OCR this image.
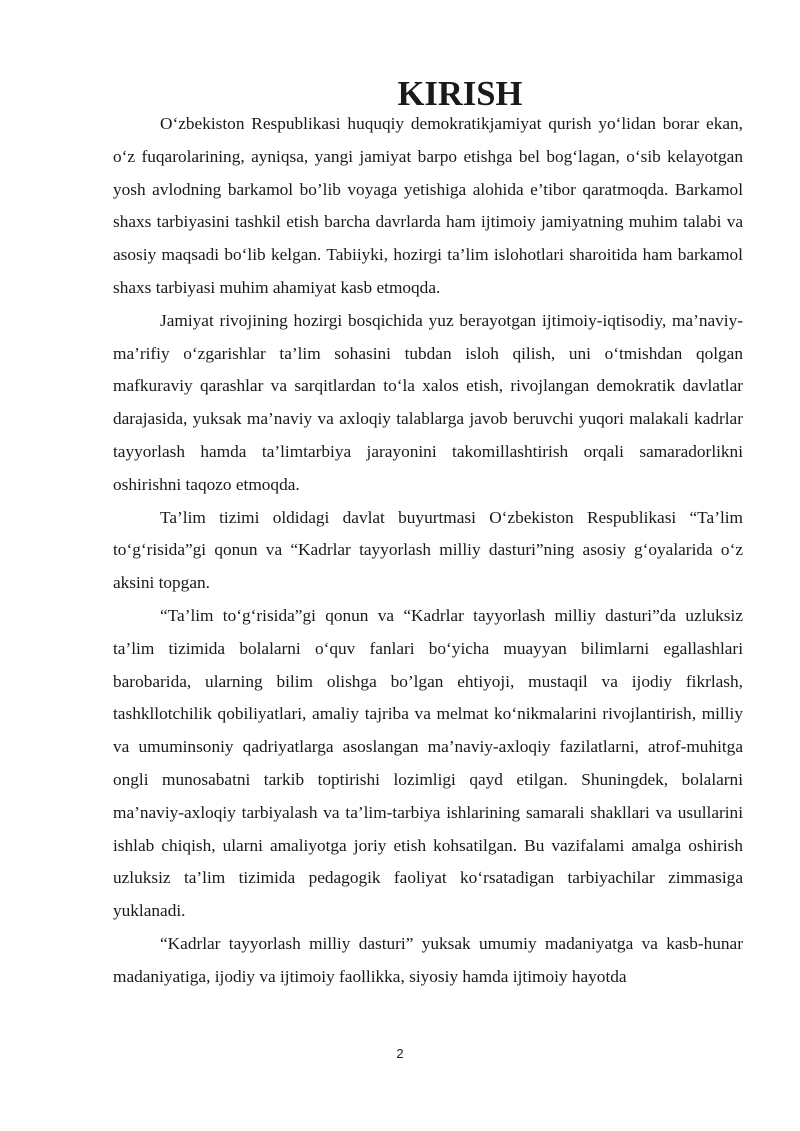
KIRISH

O‘zbekiston Respublikasi huquqiy demokratikjamiyat qurish yo‘lidan borar ekan, o‘z fuqarolarining, ayniqsa, yangi jamiyat barpo etishga bel bog‘lagan, o‘sib kelayotgan yosh avlodning barkamol bo’lib voyaga yetishiga alohida e’tibor qaratmoqda. Barkamol shaxs tarbiyasini tashkil etish barcha davrlarda ham ijtimoiy jamiyatning muhim talabi va asosiy maqsadi bo‘lib kelgan. Tabiiyki, hozirgi ta’lim islohotlari sharoitida ham barkamol shaxs tarbiyasi muhim ahamiyat kasb etmoqda.

Jamiyat rivojining hozirgi bosqichida yuz berayotgan ijtimoiy-iqtisodiy, ma’naviy-ma’rifiy o‘zgarishlar ta’lim sohasini tubdan isloh qilish, uni o‘tmishdan qolgan mafkuraviy qarashlar va sarqitlardan to‘la xalos etish, rivojlangan demokratik davlatlar darajasida, yuksak ma’naviy va axloqiy talablarga javob beruvchi yuqori malakali kadrlar tayyorlash hamda ta’limtarbiya jarayonini takomillashtirish orqali samaradorlikni oshirishni taqozo etmoqda.

Ta’lim tizimi oldidagi davlat buyurtmasi O‘zbekiston Respublikasi “Ta’lim to‘g‘risida”gi qonun va “Kadrlar tayyorlash milliy dasturi”ning asosiy g‘oyalarida o‘z aksini topgan.

“Ta’lim to‘g‘risida”gi qonun va “Kadrlar tayyorlash milliy dasturi”da uzluksiz ta’lim tizimida bolalarni o‘quv fanlari bo‘yicha muayyan bilimlarni egallashlari barobarida, ularning bilim olishga bo’lgan ehtiyoji, mustaqil va ijodiy fikrlash, tashkllotchilik qobiliyatlari, amaliy tajriba va melmat ko‘nikmalarini rivojlantirish, milliy va umuminsoniy qadriyatlarga asoslangan ma’naviy-axloqiy fazilatlarni, atrof-muhitga ongli munosabatni tarkib toptirishi lozimligi qayd etilgan. Shuningdek, bolalarni ma’naviy-axloqiy tarbiyalash va ta’lim-tarbiya ishlarining samarali shakllari va usullarini ishlab chiqish, ularni amaliyotga joriy etish kohsatilgan. Bu vazifalami amalga oshirish uzluksiz ta’lim tizimida pedagogik faoliyat ko‘rsatadigan tarbiyachilar zimmasiga yuklanadi.

“Kadrlar tayyorlash milliy dasturi” yuksak umumiy madaniyatga va kasb-hunar madaniyatiga, ijodiy va ijtimoiy faollikka, siyosiy hamda ijtimoiy hayotda

2
